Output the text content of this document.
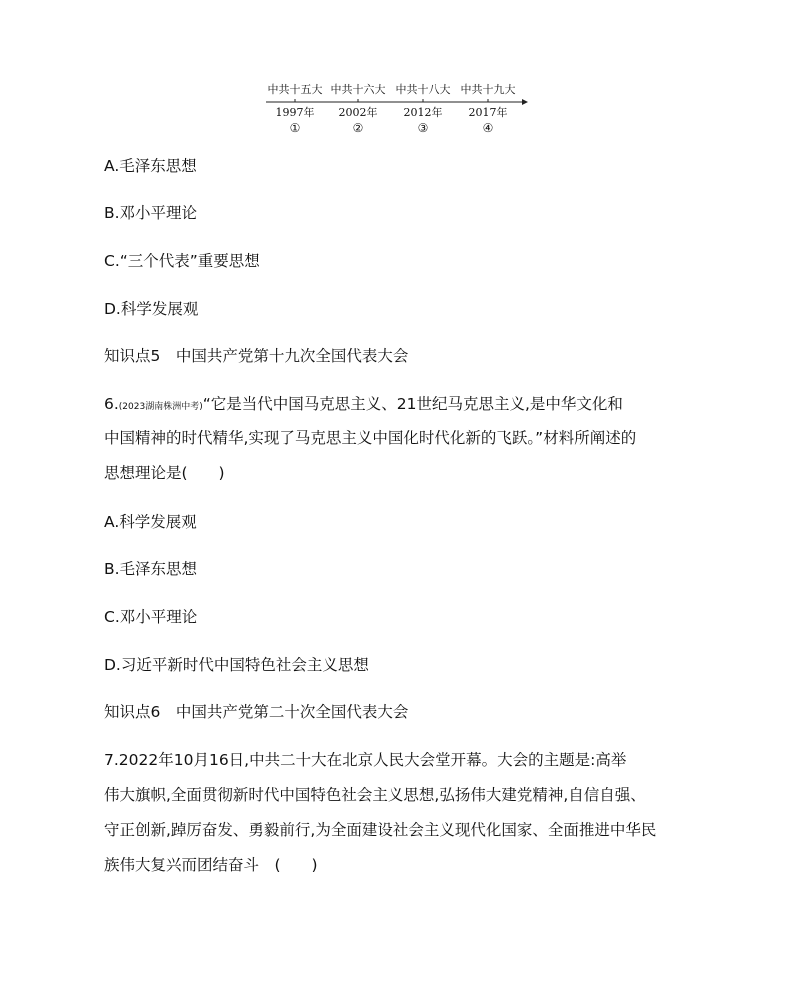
中共十五大 中共十六大 中共十八大 中共十九大
1997年 2002年 2012年 2017年
①	②	③	④
A.毛泽东思想
B.邓小平理论
C.“三个代表”重要思想
D.科学发展观
知识点5　中国共产党第十九次全国代表大会
6.(2023湖南株洲中考)“它是当代中国马克思主义、21世纪马克思主义,是中华文化和
中国精神的时代精华,实现了马克思主义中国化时代化新的飞跃。”材料所阐述的
思想理论是(　　)
A.科学发展观
B.毛泽东思想
C.邓小平理论
D.习近平新时代中国特色社会主义思想
知识点6　中国共产党第二十次全国代表大会
7.2022年10月16日,中共二十大在北京人民大会堂开幕。大会的主题是:高举
伟大旗帜,全面贯彻新时代中国特色社会主义思想,弘扬伟大建党精神,自信自强、
守正创新,踔厉奋发、勇毅前行,为全面建设社会主义现代化国家、全面推进中华民
族伟大复兴而团结奋斗　(　　)
